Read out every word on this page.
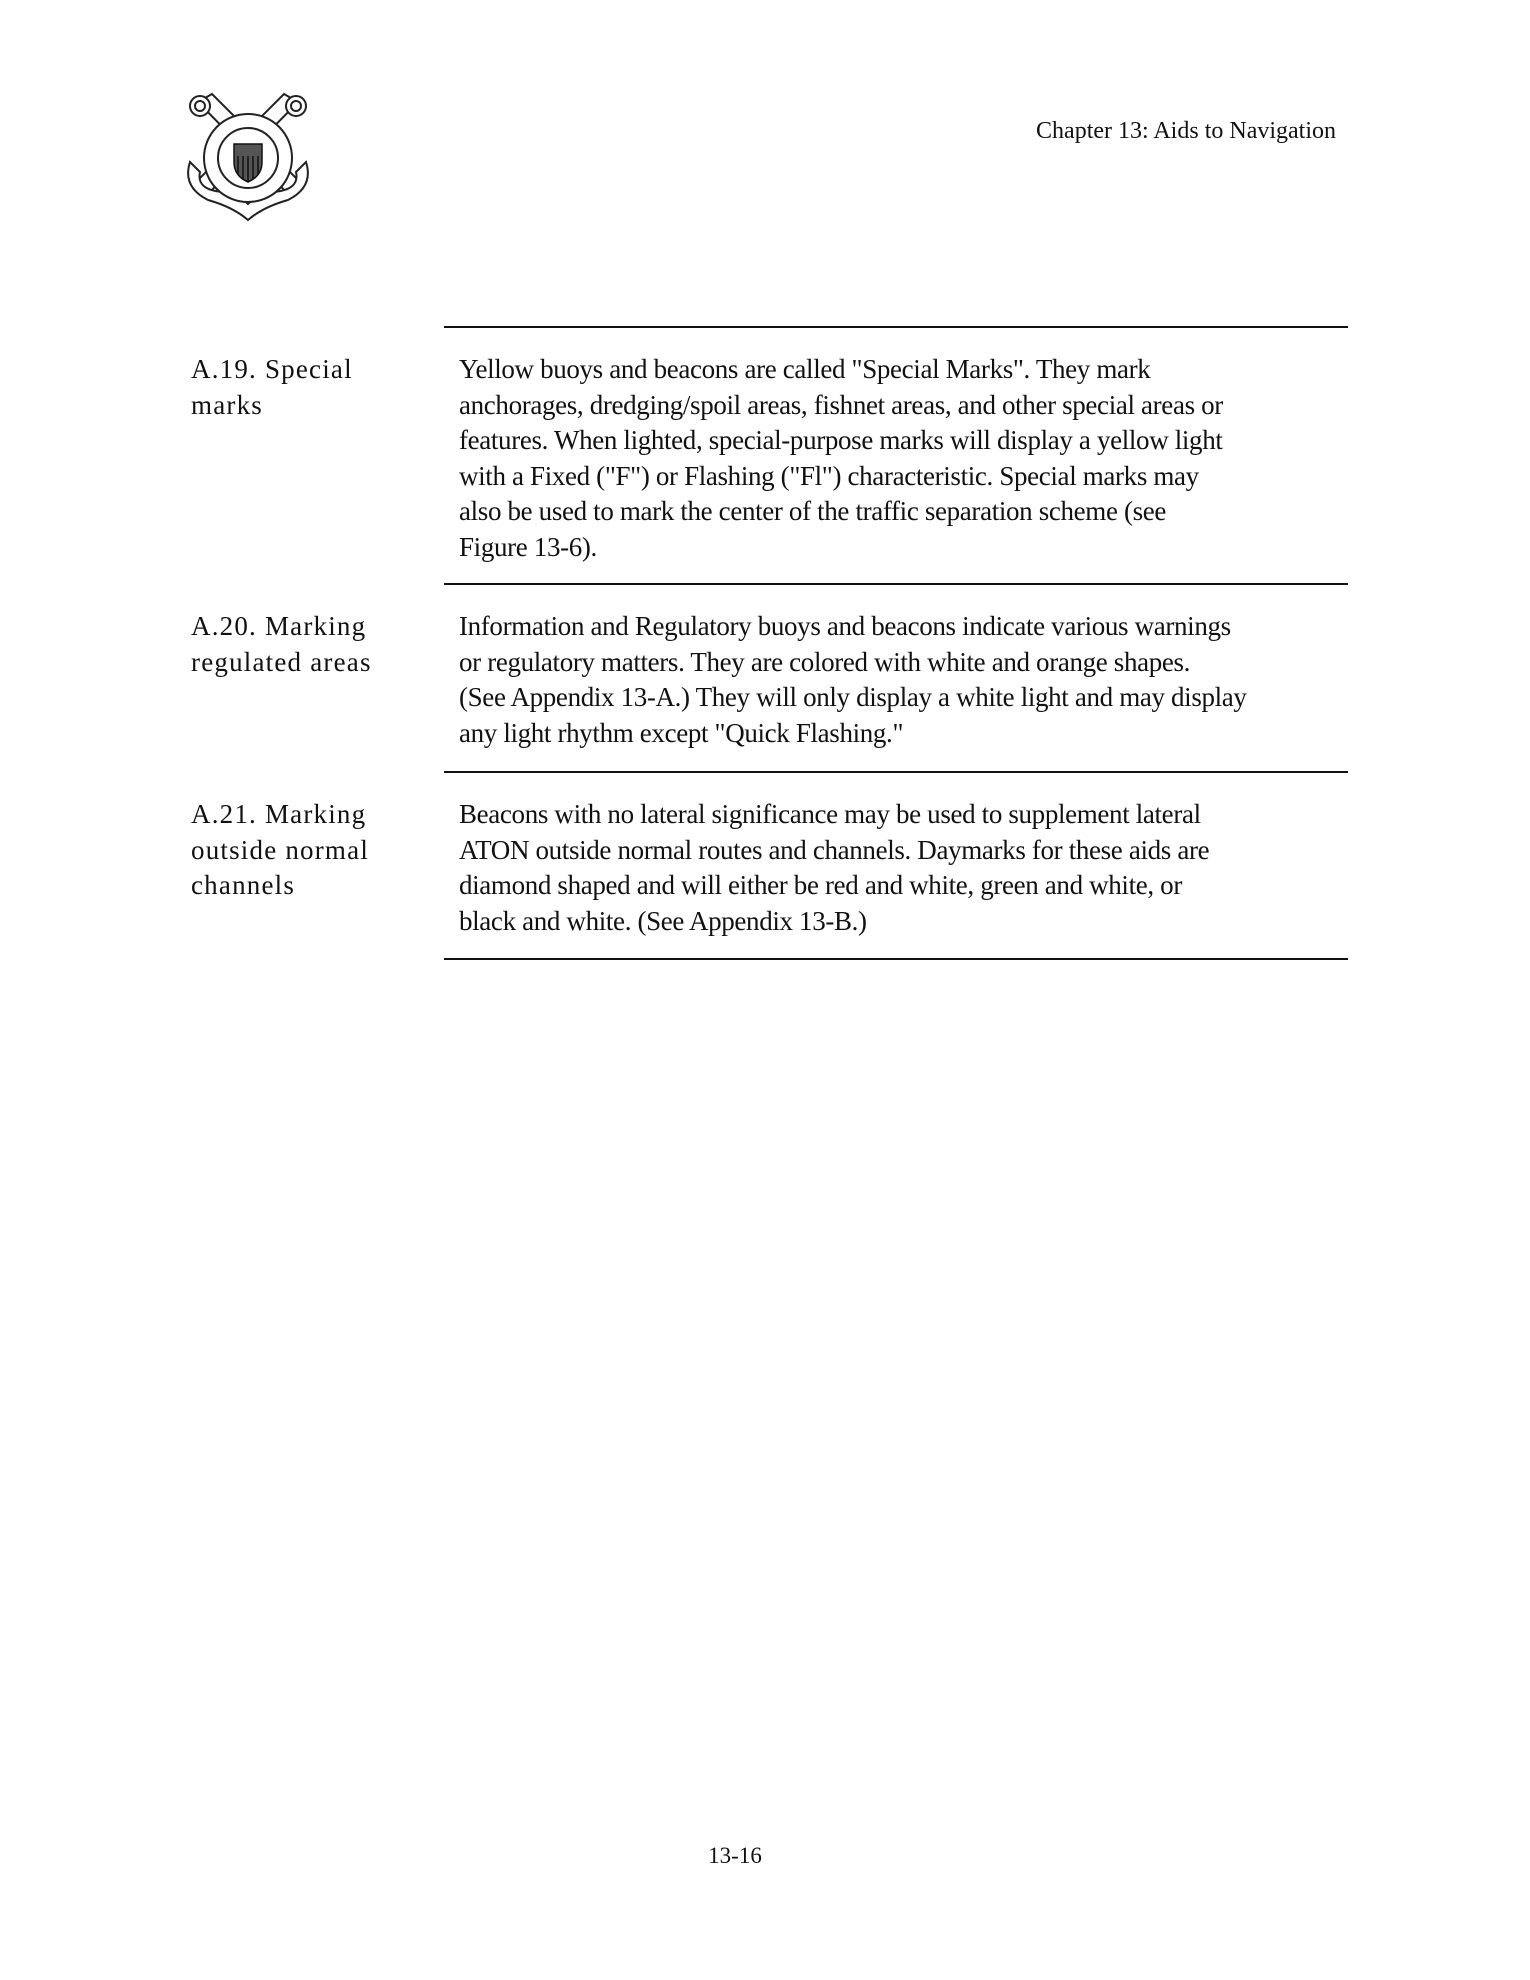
Chapter 13: Aids to Navigation
A.19. Special
marks
Yellow buoys and beacons are called "Special Marks". They mark
anchorages, dredging/spoil areas, fishnet areas, and other special areas or
features. When lighted, special-purpose marks will display a yellow light
with a Fixed ("F") or Flashing ("Fl") characteristic. Special marks may
also be used to mark the center of the traffic separation scheme (see
Figure 13-6).
A.20. Marking
regulated areas
Information and Regulatory buoys and beacons indicate various warnings
or regulatory matters. They are colored with white and orange shapes.
(See Appendix 13-A.) They will only display a white light and may display
any light rhythm except "Quick Flashing."
A.21. Marking
outside normal
channels
Beacons with no lateral significance may be used to supplement lateral
ATON outside normal routes and channels. Daymarks for these aids are
diamond shaped and will either be red and white, green and white, or
black and white. (See Appendix 13-B.)
13-16
